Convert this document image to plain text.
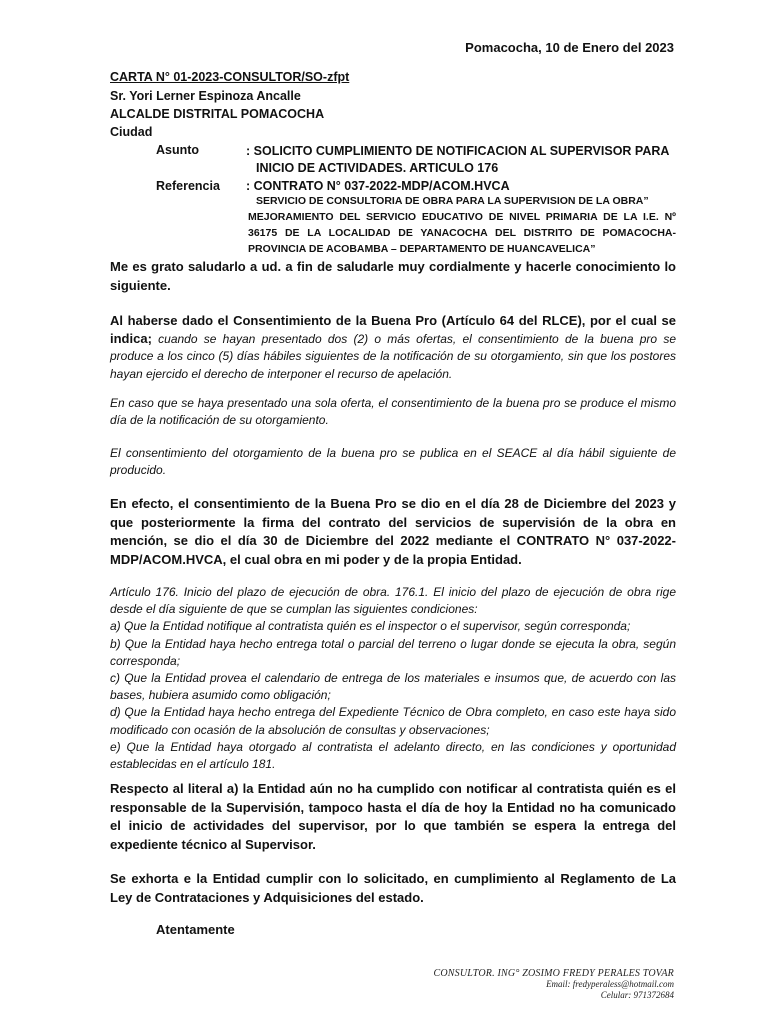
Pomacocha, 10 de Enero del 2023
CARTA N° 01-2023-CONSULTOR/SO-zfpt
Sr. Yori Lerner Espinoza Ancalle
ALCALDE DISTRITAL POMACOCHA
Ciudad
Asunto	: SOLICITO CUMPLIMIENTO DE NOTIFICACION AL SUPERVISOR PARA
INICIO DE ACTIVIDADES. ARTICULO 176
Referencia : CONTRATO N° 037-2022-MDP/ACOM.HVCA
SERVICIO DE CONSULTORIA DE OBRA PARA LA SUPERVISION DE LA OBRA”
MEJORAMIENTO DEL SERVICIO EDUCATIVO DE NIVEL PRIMARIA DE LA I.E. Nº 36175 DE LA LOCALIDAD DE YANACOCHA DEL DISTRITO DE POMACOCHA-PROVINCIA DE ACOBAMBA – DEPARTAMENTO DE HUANCAVELICA”
Me es grato saludarlo a ud. a fin de saludarle muy cordialmente y hacerle conocimiento lo siguiente.
Al haberse dado el Consentimiento de la Buena Pro (Artículo 64 del RLCE), por el cual se indica; cuando se hayan presentado dos (2) o más ofertas, el consentimiento de la buena pro se produce a los cinco (5) días hábiles siguientes de la notificación de su otorgamiento, sin que los postores hayan ejercido el derecho de interponer el recurso de apelación.
En caso que se haya presentado una sola oferta, el consentimiento de la buena pro se produce el mismo día de la notificación de su otorgamiento.
El consentimiento del otorgamiento de la buena pro se publica en el SEACE al día hábil siguiente de producido.
En efecto, el consentimiento de la Buena Pro se dio en el día 28 de Diciembre del 2023 y que posteriormente la firma del contrato del servicios de supervisión de la obra en mención, se dio el día 30 de Diciembre del 2022 mediante el CONTRATO N° 037-2022-MDP/ACOM.HVCA, el cual obra en mi poder y de la propia Entidad.
Artículo 176. Inicio del plazo de ejecución de obra. 176.1. El inicio del plazo de ejecución de obra rige desde el día siguiente de que se cumplan las siguientes condiciones:
a) Que la Entidad notifique al contratista quién es el inspector o el supervisor, según corresponda;
b) Que la Entidad haya hecho entrega total o parcial del terreno o lugar donde se ejecuta la obra, según corresponda;
c) Que la Entidad provea el calendario de entrega de los materiales e insumos que, de acuerdo con las bases, hubiera asumido como obligación;
d) Que la Entidad haya hecho entrega del Expediente Técnico de Obra completo, en caso este haya sido modificado con ocasión de la absolución de consultas y observaciones;
e) Que la Entidad haya otorgado al contratista el adelanto directo, en las condiciones y oportunidad establecidas en el artículo 181.
Respecto al literal a) la Entidad aún no ha cumplido con notificar al contratista quién es el responsable de la Supervisión, tampoco hasta el día de hoy la Entidad no ha comunicado el inicio de actividades del supervisor, por lo que también se espera la entrega del expediente técnico al Supervisor.
Se exhorta e la Entidad cumplir con lo solicitado, en cumplimiento al Reglamento de La Ley de Contrataciones y Adquisiciones del estado.
Atentamente
CONSULTOR. ING° ZOSIMO FREDY PERALES TOVAR
Email: fredyperaless@hotmail.com
Celular: 971372684
